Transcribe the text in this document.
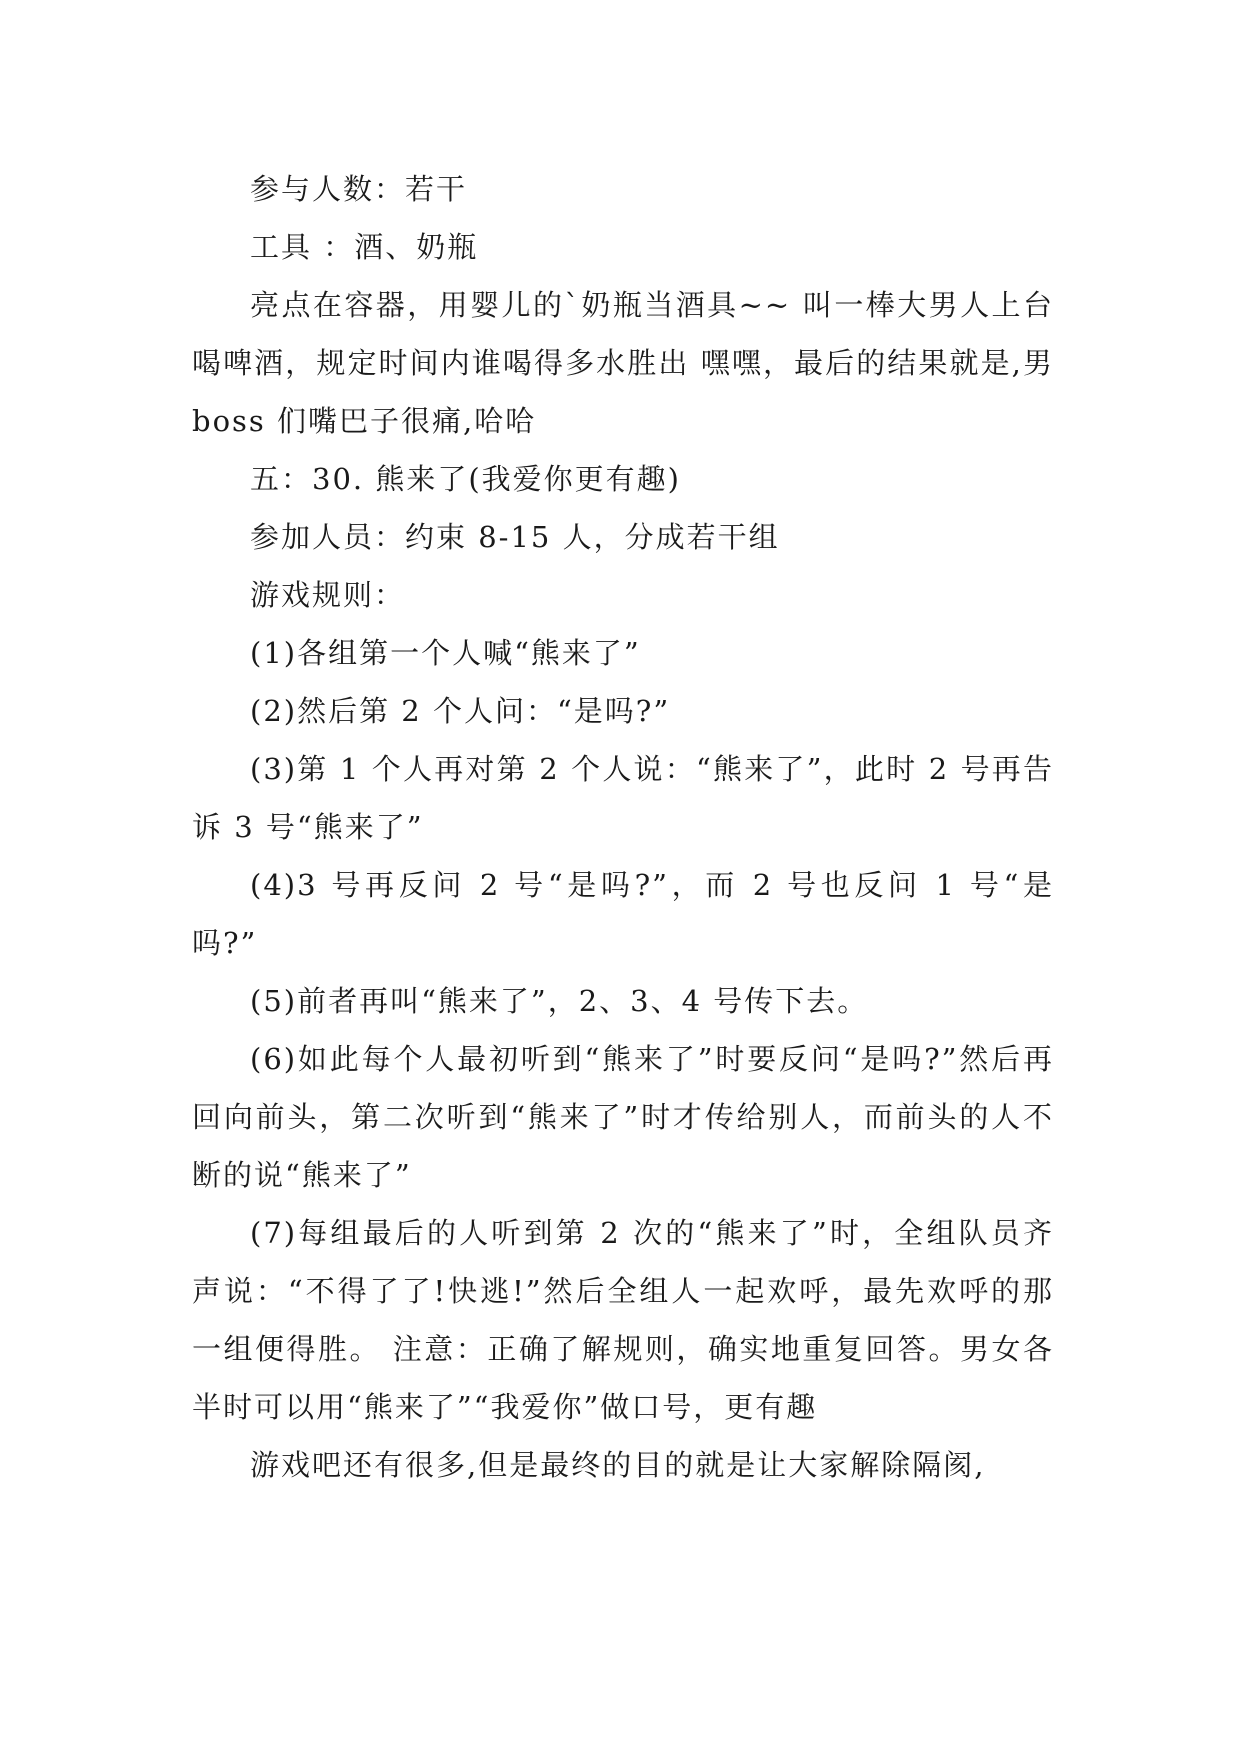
参与人数：若干

工具 ：酒、奶瓶

亮点在容器，用婴儿的`奶瓶当酒具~~ 叫一棒大男人上台喝啤酒，规定时间内谁喝得多水胜出 嘿嘿，最后的结果就是,男 boss 们嘴巴子很痛,哈哈

五：30. 熊来了(我爱你更有趣)

参加人员：约束 8-15 人，分成若干组

游戏规则：

(1)各组第一个人喊“熊来了”

(2)然后第 2 个人问：“是吗?”

(3)第 1 个人再对第 2 个人说：“熊来了”，此时 2 号再告诉 3 号“熊来了”

(4)3 号再反问 2 号“是吗?”，而 2 号也反问 1 号“是吗?”

(5)前者再叫“熊来了”，2、3、4 号传下去。

(6)如此每个人最初听到“熊来了”时要反问“是吗?”然后再回向前头，第二次听到“熊来了”时才传给别人，而前头的人不断的说“熊来了”

(7)每组最后的人听到第 2 次的“熊来了”时，全组队员齐声说：“不得了了!快逃!”然后全组人一起欢呼，最先欢呼的那一组便得胜。 注意：正确了解规则，确实地重复回答。男女各半时可以用“熊来了”“我爱你”做口号，更有趣

游戏吧还有很多,但是最终的目的就是让大家解除隔阂,
